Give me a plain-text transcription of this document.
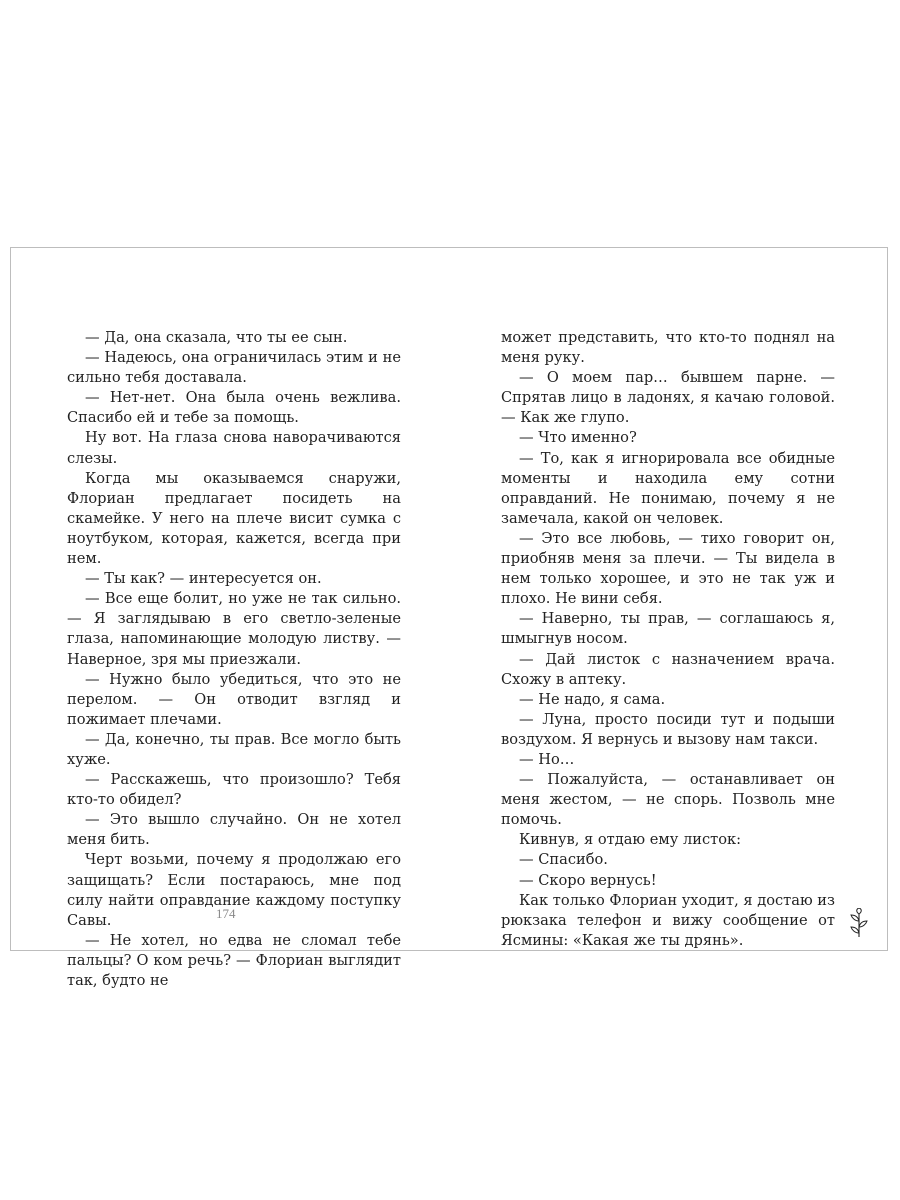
— Да, она сказала, что ты ее сын.

— Надеюсь, она ограничилась этим и не сильно тебя доставала.

— Нет-нет. Она была очень вежлива. Спасибо ей и тебе за помощь.

Ну вот. На глаза снова наворачиваются слезы.

Когда мы оказываемся снаружи, Флориан предлагает посидеть на скамейке. У него на плече висит сумка с ноутбуком, которая, кажется, всегда при нем.

— Ты как? — интересуется он.

— Все еще болит, но уже не так сильно. — Я заглядываю в его светло-зеленые глаза, напоминающие молодую листву. — Наверное, зря мы приезжали.

— Нужно было убедиться, что это не перелом. — Он отводит взгляд и пожимает плечами.

— Да, конечно, ты прав. Все могло быть хуже.

— Расскажешь, что произошло? Тебя кто-то обидел?

— Это вышло случайно. Он не хотел меня бить.

Черт возьми, почему я продолжаю его защищать? Если постараюсь, мне под силу найти оправдание каждому поступку Савы.

— Не хотел, но едва не сломал тебе пальцы? О ком речь? — Флориан выглядит так, будто не

может представить, что кто-то поднял на меня руку.

— О моем пар… бывшем парне. — Спрятав лицо в ладонях, я качаю головой. — Как же глупо.

— Что именно?

— То, как я игнорировала все обидные моменты и находила ему сотни оправданий. Не понимаю, почему я не замечала, какой он человек.

— Это все любовь, — тихо говорит он, приобняв меня за плечи. — Ты видела в нем только хорошее, и это не так уж и плохо. Не вини себя.

— Наверно, ты прав, — соглашаюсь я, шмыгнув носом.

— Дай листок с назначением врача. Схожу в аптеку.

— Не надо, я сама.

— Луна, просто посиди тут и подыши воздухом. Я вернусь и вызову нам такси.

— Но…

— Пожалуйста, — останавливает он меня жестом, — не спорь. Позволь мне помочь.

Кивнув, я отдаю ему листок:

— Спасибо.

— Скоро вернусь!

Как только Флориан уходит, я достаю из рюкзака телефон и вижу сообщение от Ясмины: «Какая же ты дрянь».

174
